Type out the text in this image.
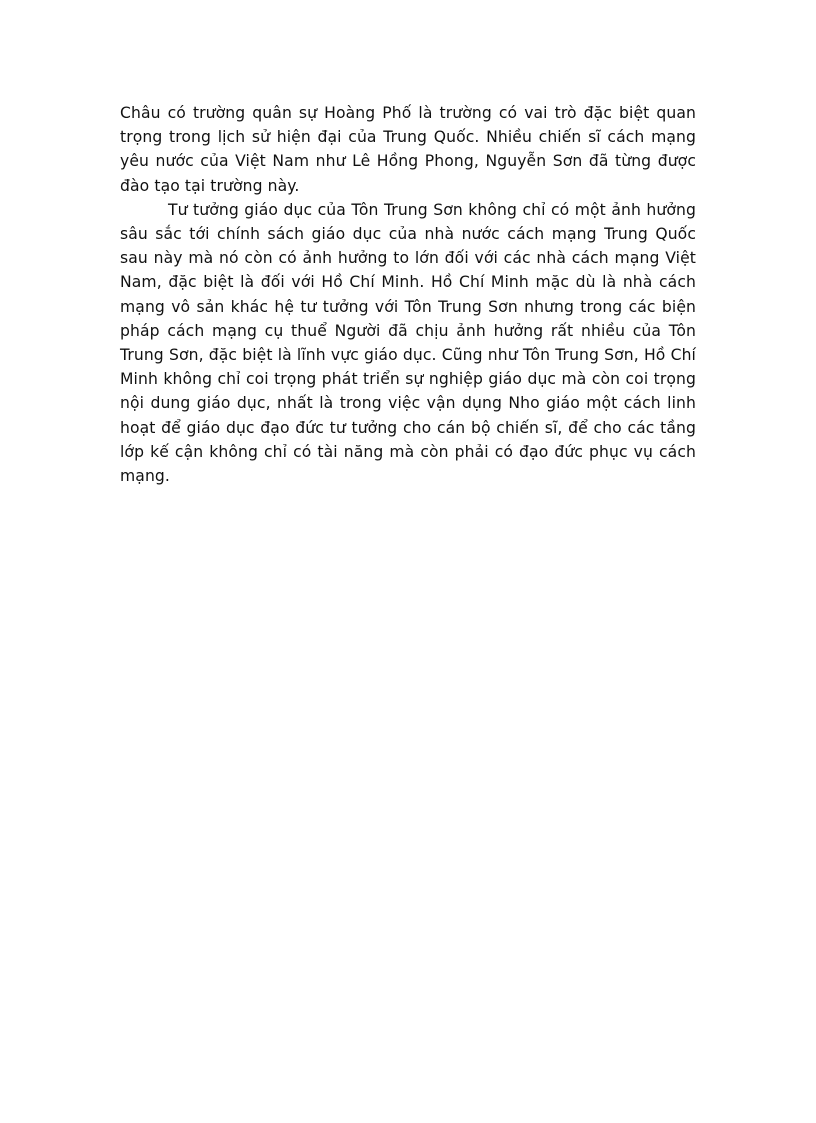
Châu có trường quân sự Hoàng Phố là trường có vai trò đặc biệt quan trọng trong lịch sử hiện đại của Trung Quốc. Nhiều chiến sĩ cách mạng yêu nước của Việt Nam như Lê Hồng Phong, Nguyễn Sơn đã từng được đào tạo tại trường này.

Tư tưởng giáo dục của Tôn Trung Sơn không chỉ có một ảnh hưởng sâu sắc tới chính sách giáo dục của nhà nước cách mạng Trung Quốc sau này mà nó còn có ảnh hưởng to lớn đối với các nhà cách mạng Việt Nam, đặc biệt là đối với Hồ Chí Minh. Hồ Chí Minh mặc dù là nhà cách mạng vô sản khác hệ tư tưởng với Tôn Trung Sơn nhưng trong các biện pháp cách mạng cụ thuể Người đã chịu ảnh hưởng rất nhiều của Tôn Trung Sơn, đặc biệt là lĩnh vực giáo dục. Cũng như Tôn Trung Sơn, Hồ Chí Minh không chỉ coi trọng phát triển sự nghiệp giáo dục mà còn coi trọng nội dung giáo dục, nhất là trong việc vận dụng Nho giáo một cách linh hoạt để giáo dục đạo đức tư tưởng cho cán bộ chiến sĩ, để cho các tầng lớp kế cận không chỉ có tài năng mà còn phải có đạo đức phục vụ cách mạng.
